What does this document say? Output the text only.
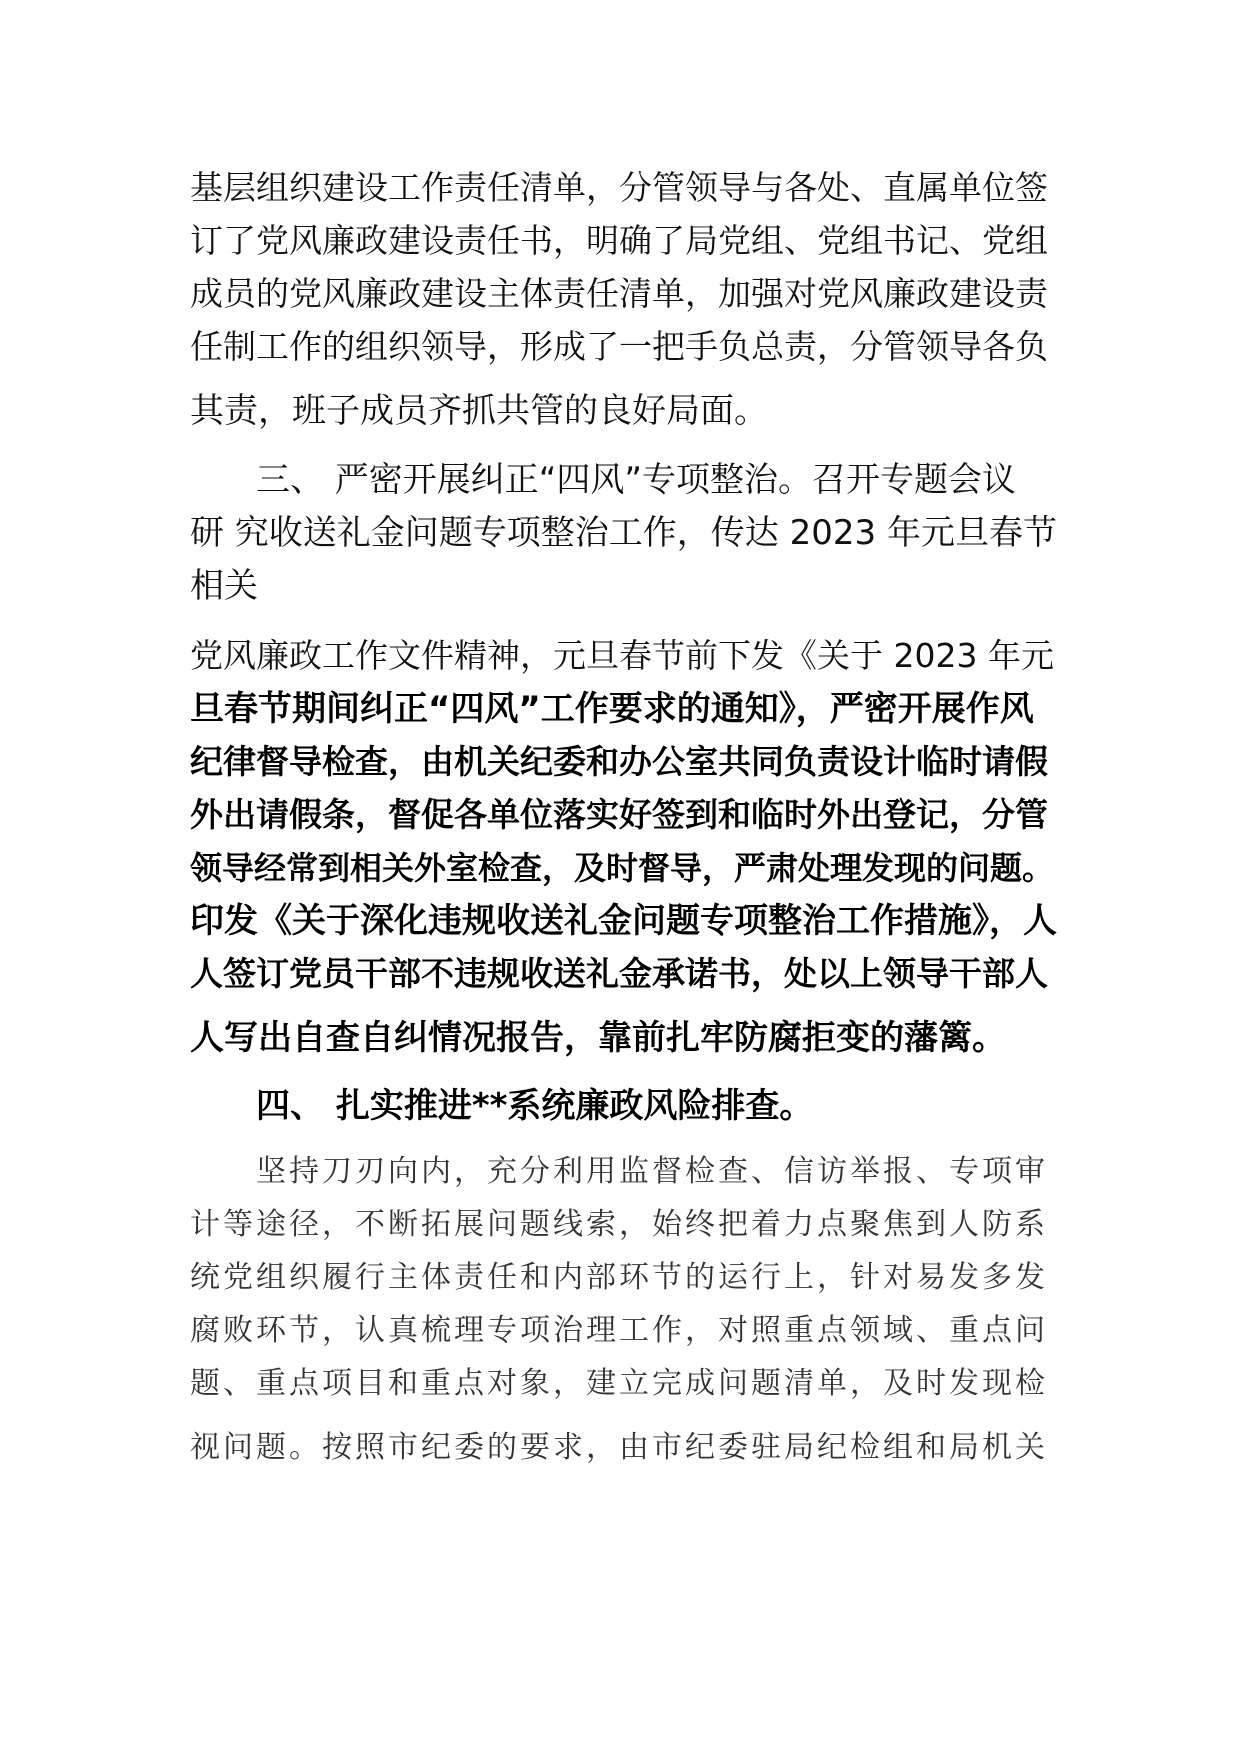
基层组织建设工作责任清单，分管领导与各处、直属单位签

订了党风廉政建设责任书，明确了局党组、党组书记、党组

成员的党风廉政建设主体责任清单，加强对党风廉政建设责

任制工作的组织领导，形成了一把手负总责，分管领导各负

其责，班子成员齐抓共管的良好局面。

三、 严密开展纠正“四风”专项整治。召开专题会议

研 究收送礼金问题专项整治工作，传达 2023 年元旦春节

相关

党风廉政工作文件精神，元旦春节前下发《关于 2023 年元

旦春节期间纠正“四风”工作要求的通知》，严密开展作风

纪律督导检查，由机关纪委和办公室共同负责设计临时请假

外出请假条，督促各单位落实好签到和临时外出登记，分管

领导经常到相关外室检查，及时督导，严肃处理发现的问题。

印发《关于深化违规收送礼金问题专项整治工作措施》，人

人签订党员干部不违规收送礼金承诺书，处以上领导干部人

人写出自查自纠情况报告，靠前扎牢防腐拒变的藩篱。

四、 扎实推进**系统廉政风险排查。

坚持刀刃向内，充分利用监督检查、信访举报、专项审

计等途径，不断拓展问题线索，始终把着力点聚焦到人防系

统党组织履行主体责任和内部环节的运行上，针对易发多发

腐败环节，认真梳理专项治理工作，对照重点领域、重点问

题、重点项目和重点对象，建立完成问题清单，及时发现检

视问题。按照市纪委的要求，由市纪委驻局纪检组和局机关
